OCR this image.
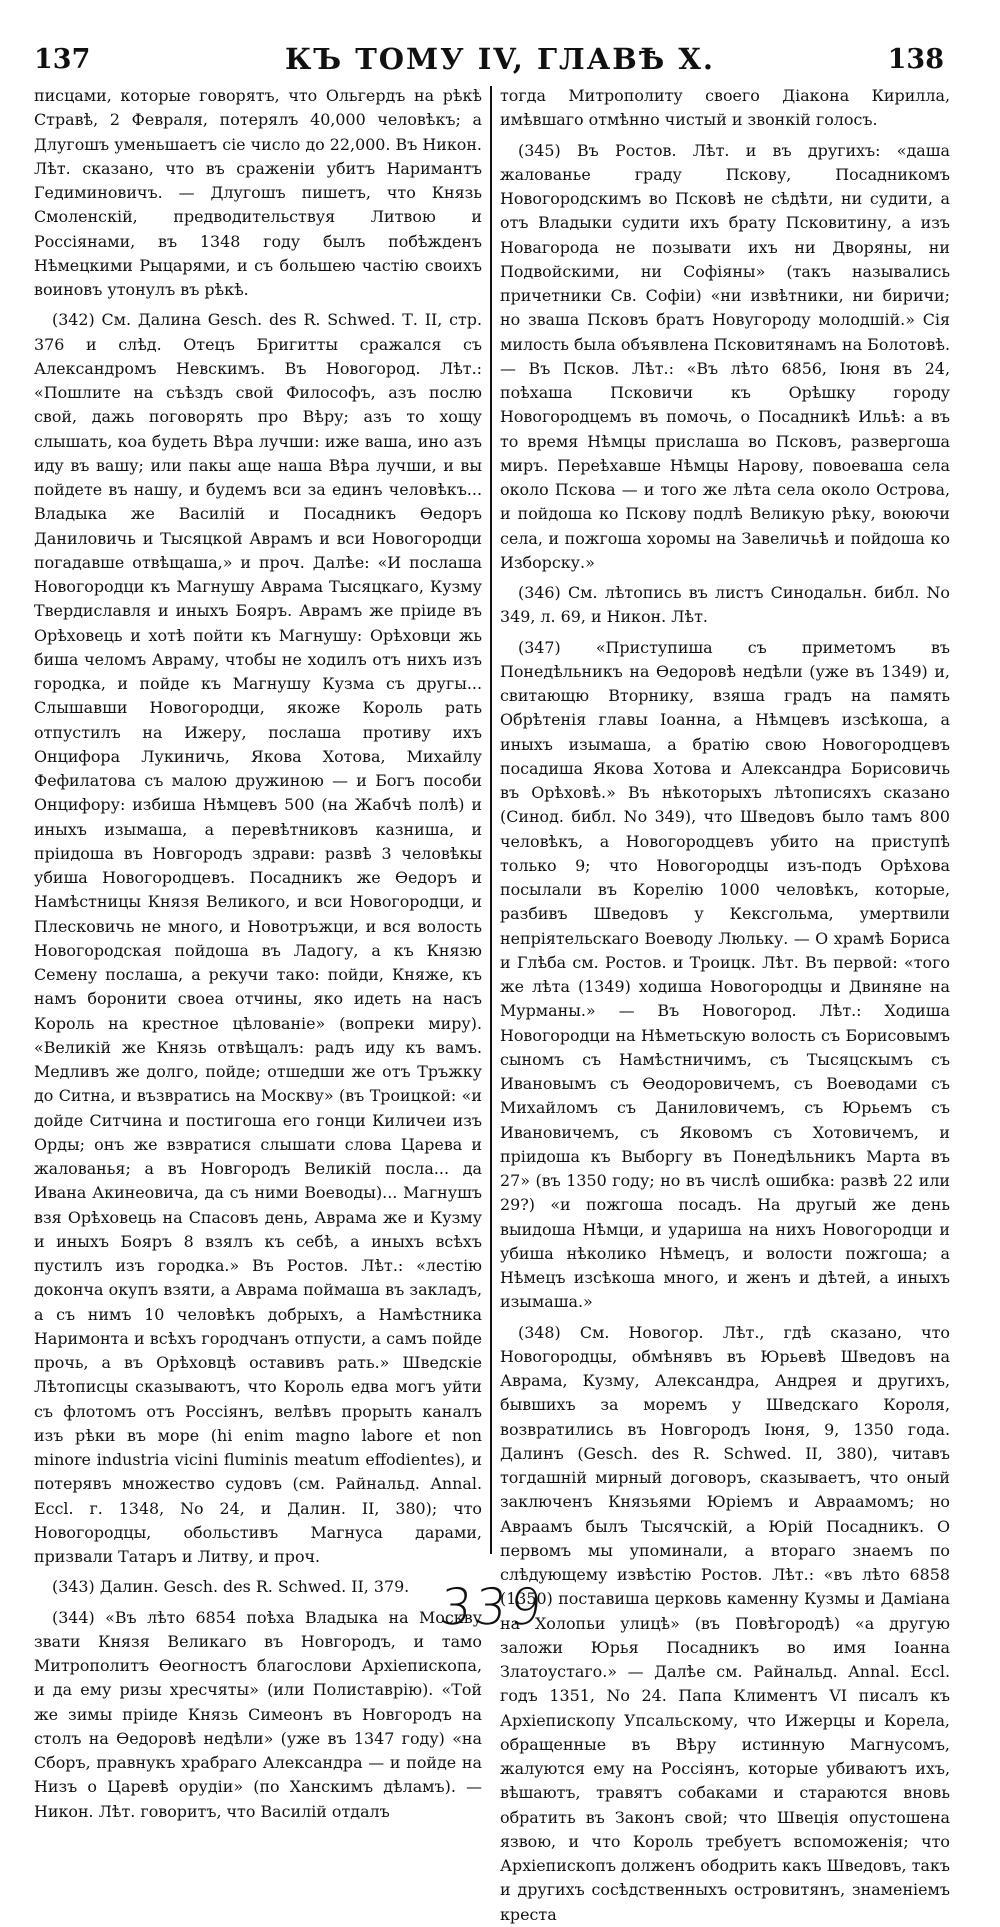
137	КЪ ТОМУ IV, ГЛАВѢ X.	138

писцами, которые говорятъ, что Ольгердъ на рѣкѣ Стравѣ, 2 Февраля, потерялъ 40,000 человѣкъ; а Длугошъ уменьшаетъ сіе число до 22,000. Въ Никон. Лѣт. сказано, что въ сраженіи убитъ Наримантъ Гедиминовичъ. — Длугошъ пишетъ, что Князь Смоленскій, предводительствуя Литвою и Россіянами, въ 1348 году былъ побѣжденъ Нѣмецкими Рыцарями, и съ большею частію своихъ воиновъ утонулъ въ рѣкѣ.

(342) См. Далина Gesch. des R. Schwed. Т. II, стр. 376 и слѣд. Отецъ Бригитты сражался съ Александромъ Невскимъ. Въ Новогород. Лѣт.: «Пошлите на съѣздъ свой Философъ, азъ послю свой, дажь поговорять про Вѣру; азъ то хощу слышать, коа будеть Вѣра лучши: иже ваша, ино азъ иду въ вашу; или пакы аще наша Вѣра лучши, и вы пойдете въ нашу, и будемъ вси за единъ человѣкъ... Владыка же Василій и Посадникъ Ѳедоръ Даниловичь и Тысяцкой Аврамъ и вси Новогородци погадавше отвѣщаша,» и проч. Далѣе: «И послаша Новогородци къ Магнушу Аврама Тысяцкаго, Кузму Твердиславля и иныхъ Бояръ. Аврамъ же пріиде въ Орѣховець и хотѣ пойти къ Магнушу: Орѣховци жь биша челомъ Авраму, чтобы не ходилъ отъ нихъ изъ городка, и пойде къ Магнушу Кузма съ другы... Слышавши Новогородци, якоже Король рать отпустилъ на Ижеру, послаша противу ихъ Онцифора Лукиничь, Якова Хотова, Михайлу Фефилатова съ малою дружиною — и Богъ пособи Онцифору: избиша Нѣмцевъ 500 (на Жабчѣ полѣ) и иныхъ изымаша, а перевѣтниковъ казниша, и пріидоша въ Новгородъ здрави: развѣ 3 человѣкы убиша Новогородцевъ. Посадникъ же Ѳедоръ и Намѣстницы Князя Великого, и вси Новогородци, и Плесковичь не много, и Новотръжци, и вся волость Новогородская пойдоша въ Ладогу, а къ Князю Семену послаша, а рекучи тако: пойди, Княже, къ намъ боронити своеа отчины, яко идеть на насъ Король на крестное цѣлованіе» (вопреки миру). «Великій же Князь отвѣщалъ: радъ иду къ вамъ. Медливъ же долго, пойде; отшедши же отъ Тръжку до Ситна, и възвратись на Москву» (въ Троицкой: «и дойде Ситчина и постигоша его гонци Киличеи изъ Орды; онъ же взвратися слышати слова Царева и жалованья; а въ Новгородъ Великій посла... да Ивана Акинеовича, да съ ними Воеводы)... Магнушъ взя Орѣховець на Спасовъ день, Аврама же и Кузму и иныхъ Бояръ 8 взялъ къ себѣ, а иныхъ всѣхъ пустилъ изъ городка.» Въ Ростов. Лѣт.: «лестію доконча окупъ взяти, а Аврама поймаша въ закладъ, а съ нимъ 10 человѣкъ добрыхъ, а Намѣстника Наримонта и всѣхъ городчанъ отпусти, а самъ пойде прочь, а въ Орѣховцѣ оставивъ рать.» Шведскіе Лѣтописцы сказываютъ, что Король едва могъ уйти съ флотомъ отъ Россіянъ, велѣвъ прорыть каналъ изъ рѣки въ море (hi enim magno labore et non minore industria vicini fluminis meatum effodientes), и потерявъ множество судовъ (см. Райнальд. Annal. Eccl. г. 1348, No 24, и Далин. II, 380); что Новогородцы, обольстивъ Магнуса дарами, призвали Татаръ и Литву, и проч.

(343) Далин. Gesch. des R. Schwed. II, 379.

(344) «Въ лѣто 6854 поѣха Владыка на Москву звати Князя Великаго въ Новгородъ, и тамо Митрополитъ Ѳеогностъ благослови Архіепископа, и да ему ризы хресчяты» (или Полиставрію). «Той же зимы пріиде Князь Симеонъ въ Новгородъ на столъ на Ѳедоровѣ недѣли» (уже въ 1347 году) «на Сборъ, правнукъ храбраго Александра — и пойде на Низъ о Царевѣ орудіи» (по Ханскимъ дѣламъ). — Никон. Лѣт. говоритъ, что Василій отдалъ

тогда Митрополиту своего Діакона Кирилла, имѣвшаго отмѣнно чистый и звонкій голосъ.

(345) Въ Ростов. Лѣт. и въ другихъ: «даша жалованье граду Пскову, Посадникомъ Новогородскимъ во Псковѣ не сѣдѣти, ни судити, а отъ Владыки судити ихъ брату Псковитину, а изъ Новагорода не позывати ихъ ни Дворяны, ни Подвойскими, ни Софіяны» (такъ назывались причетники Св. Софіи) «ни извѣтники, ни биричи; но зваша Псковъ братъ Новугороду молодшій.» Сія милость была объявлена Псковитянамъ на Болотовѣ. — Въ Псков. Лѣт.: «Въ лѣто 6856, Іюня въ 24, поѣхаша Псковичи къ Орѣшку городу Новогородцемъ въ помочь, о Посадникѣ Ильѣ: а въ то время Нѣмцы прислаша во Псковъ, развергоша миръ. Переѣхавше Нѣмцы Нарову, повоеваша села около Пскова — и того же лѣта села около Острова, и пойдоша ко Пскову подлѣ Великую рѣку, воюючи села, и пожгоша хоромы на Завеличьѣ и пойдоша ко Изборску.»

(346) См. лѣтопись въ листъ Синодальн. библ. No 349, л. 69, и Никон. Лѣт.

(347) «Приступиша съ приметомъ въ Понедѣльникъ на Ѳедоровѣ недѣли (уже въ 1349) и, свитающю Вторнику, взяша градъ на память Обрѣтенія главы Іоанна, а Нѣмцевъ изсѣкоша, а иныхъ изымаша, а братію свою Новогородцевъ посадиша Якова Хотова и Александра Борисовичь въ Орѣховѣ.» Въ нѣкоторыхъ лѣтописяхъ сказано (Синод. библ. No 349), что Шведовъ было тамъ 800 человѣкъ, а Новогородцевъ убито на приступѣ только 9; что Новогородцы изъ-подъ Орѣхова посылали въ Корелію 1000 человѣкъ, которые, разбивъ Шведовъ у Кексгольма, умертвили непріятельскаго Воеводу Люльку. — О храмѣ Бориса и Глѣба см. Ростов. и Троицк. Лѣт. Въ первой: «того же лѣта (1349) ходиша Новогородцы и Двиняне на Мурманы.» — Въ Новогород. Лѣт.: Ходиша Новогородци на Нѣметьскую волость съ Борисовымъ сыномъ съ Намѣстничимъ, съ Тысяцскымъ съ Ивановымъ съ Ѳеодоровичемъ, съ Воеводами съ Михайломъ съ Даниловичемъ, съ Юрьемъ съ Ивановичемъ, съ Яковомъ съ Хотовичемъ, и пріидоша къ Выборгу въ Понедѣльникъ Марта въ 27» (въ 1350 году; но въ числѣ ошибка: развѣ 22 или 29?) «и пожгоша посадъ. На другый же день выидоша Нѣмци, и удариша на нихъ Новогородци и убиша нѣколико Нѣмецъ, и волости пожгоша; а Нѣмецъ изсѣкоша много, и женъ и дѣтей, а иныхъ изымаша.»

(348) См. Новогор. Лѣт., гдѣ сказано, что Новогородцы, обмѣнявъ въ Юрьевѣ Шведовъ на Аврама, Кузму, Александра, Андрея и другихъ, бывшихъ за моремъ у Шведскаго Короля, возвратились въ Новгородъ Іюня, 9, 1350 года. Далинъ (Gesch. des R. Schwed. II, 380), читавъ тогдашній мирный договоръ, сказываетъ, что оный заключенъ Князьями Юріемъ и Авраамомъ; но Авраамъ былъ Тысячскій, а Юрій Посадникъ. О первомъ мы упоминали, а втораго знаемъ по слѣдующему извѣстію Ростов. Лѣт.: «въ лѣто 6858 (1350) поставиша церковь каменну Кузмы и Даміана на Холопьи улицѣ» (въ Повѣгородѣ) «а другую заложи Юрья Посадникъ во имя Іоанна Златоустаго.» — Далѣе см. Райнальд. Annal. Eccl. годъ 1351, No 24. Папа Климентъ VI писалъ къ Архіепископу Упсальскому, что Ижерцы и Корела, обращенные въ Вѣру истинную Магнусомъ, жалуются ему на Россіянъ, которые убиваютъ ихъ, вѣшаютъ, травятъ собаками и стараются вновь обратить въ Законъ свой; что Швеція опустошена язвою, и что Король требуетъ вспоможенія; что Архіепископъ долженъ ободрить какъ Шведовъ, такъ и другихъ сосѣдственныхъ островитянъ, знаменіемъ креста

339
